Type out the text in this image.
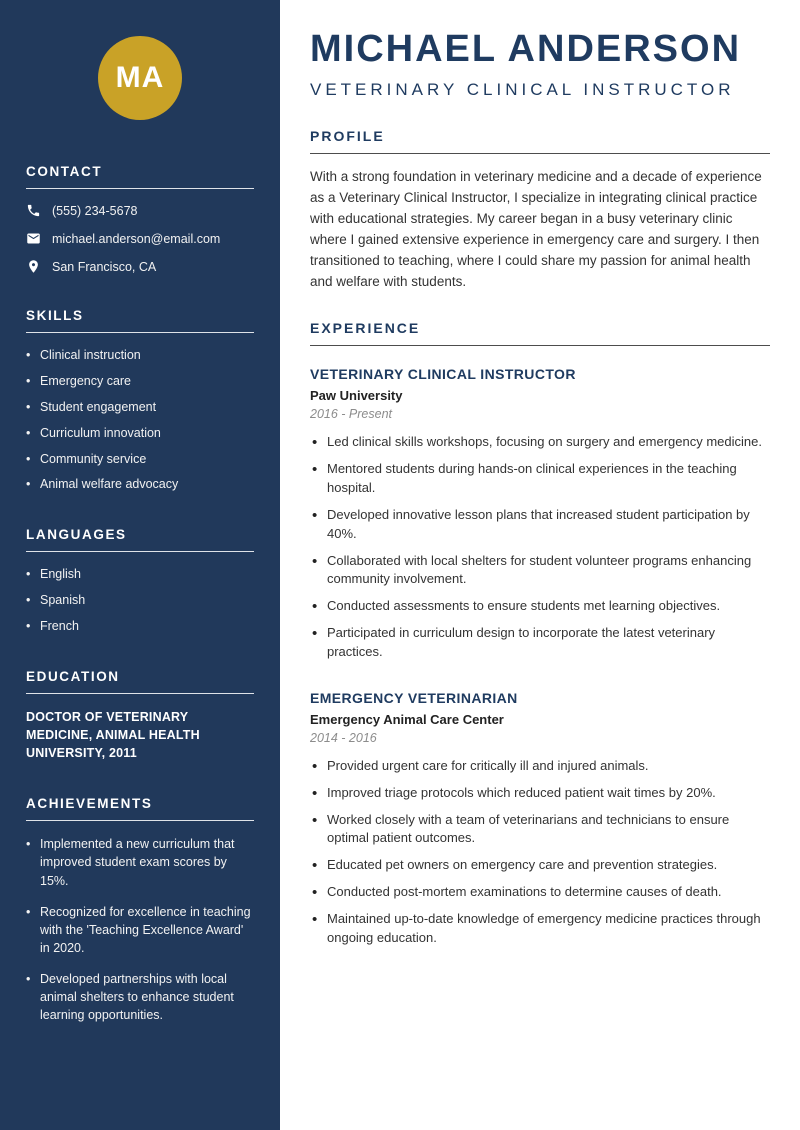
MA
CONTACT
(555) 234-5678
michael.anderson@email.com
San Francisco, CA
SKILLS
• Clinical instruction
• Emergency care
• Student engagement
• Curriculum innovation
• Community service
• Animal welfare advocacy
LANGUAGES
• English
• Spanish
• French
EDUCATION
DOCTOR OF VETERINARY MEDICINE, ANIMAL HEALTH UNIVERSITY, 2011
ACHIEVEMENTS
• Implemented a new curriculum that improved student exam scores by 15%.
• Recognized for excellence in teaching with the 'Teaching Excellence Award' in 2020.
• Developed partnerships with local animal shelters to enhance student learning opportunities.
MICHAEL ANDERSON
VETERINARY CLINICAL INSTRUCTOR
PROFILE

With a strong foundation in veterinary medicine and a decade of experience as a Veterinary Clinical Instructor, I specialize in integrating clinical practice with educational strategies. My career began in a busy veterinary clinic where I gained extensive experience in emergency care and surgery. I then transitioned to teaching, where I could share my passion for animal health and welfare with students.

EXPERIENCE
VETERINARY CLINICAL INSTRUCTOR
Paw University
2016 - Present
• Led clinical skills workshops, focusing on surgery and emergency medicine.
• Mentored students during hands-on clinical experiences in the teaching hospital.
• Developed innovative lesson plans that increased student participation by 40%.
• Collaborated with local shelters for student volunteer programs enhancing community involvement.
• Conducted assessments to ensure students met learning objectives.
• Participated in curriculum design to incorporate the latest veterinary practices.
EMERGENCY VETERINARIAN
Emergency Animal Care Center
2014 - 2016
• Provided urgent care for critically ill and injured animals.
• Improved triage protocols which reduced patient wait times by 20%.
• Worked closely with a team of veterinarians and technicians to ensure optimal patient outcomes.
• Educated pet owners on emergency care and prevention strategies.
• Conducted post-mortem examinations to determine causes of death.
• Maintained up-to-date knowledge of emergency medicine practices through ongoing education.
